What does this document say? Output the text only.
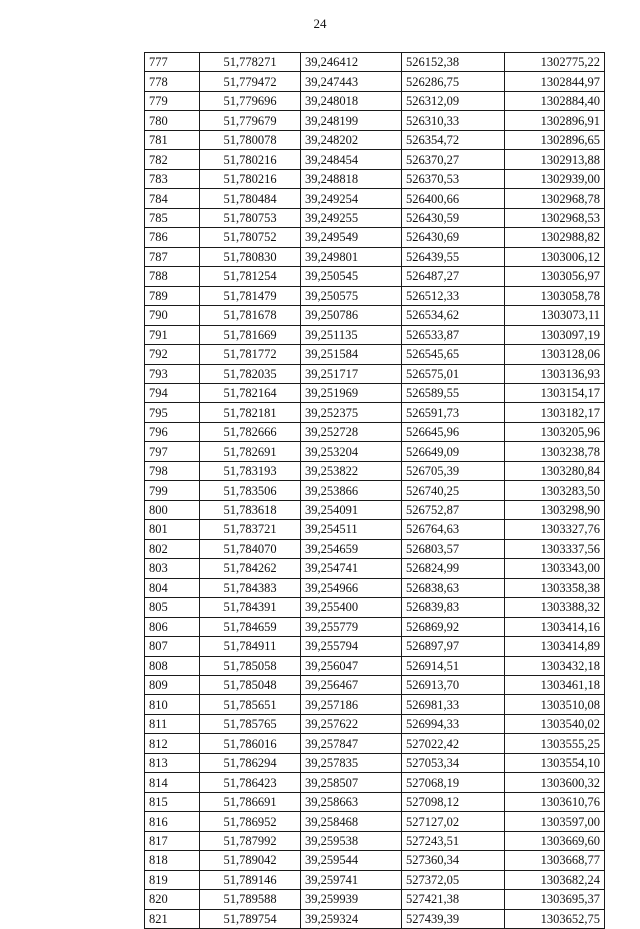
24
777	51,778271	39,246412	526152,38	1302775,22
778	51,779472	39,247443	526286,75	1302844,97
779	51,779696	39,248018	526312,09	1302884,40
780	51,779679	39,248199	526310,33	1302896,91
781	51,780078	39,248202	526354,72	1302896,65
782	51,780216	39,248454	526370,27	1302913,88
783	51,780216	39,248818	526370,53	1302939,00
784	51,780484	39,249254	526400,66	1302968,78
785	51,780753	39,249255	526430,59	1302968,53
786	51,780752	39,249549	526430,69	1302988,82
787	51,780830	39,249801	526439,55	1303006,12
788	51,781254	39,250545	526487,27	1303056,97
789	51,781479	39,250575	526512,33	1303058,78
790	51,781678	39,250786	526534,62	1303073,11
791	51,781669	39,251135	526533,87	1303097,19
792	51,781772	39,251584	526545,65	1303128,06
793	51,782035	39,251717	526575,01	1303136,93
794	51,782164	39,251969	526589,55	1303154,17
795	51,782181	39,252375	526591,73	1303182,17
796	51,782666	39,252728	526645,96	1303205,96
797	51,782691	39,253204	526649,09	1303238,78
798	51,783193	39,253822	526705,39	1303280,84
799	51,783506	39,253866	526740,25	1303283,50
800	51,783618	39,254091	526752,87	1303298,90
801	51,783721	39,254511	526764,63	1303327,76
802	51,784070	39,254659	526803,57	1303337,56
803	51,784262	39,254741	526824,99	1303343,00
804	51,784383	39,254966	526838,63	1303358,38
805	51,784391	39,255400	526839,83	1303388,32
806	51,784659	39,255779	526869,92	1303414,16
807	51,784911	39,255794	526897,97	1303414,89
808	51,785058	39,256047	526914,51	1303432,18
809	51,785048	39,256467	526913,70	1303461,18
810	51,785651	39,257186	526981,33	1303510,08
811	51,785765	39,257622	526994,33	1303540,02
812	51,786016	39,257847	527022,42	1303555,25
813	51,786294	39,257835	527053,34	1303554,10
814	51,786423	39,258507	527068,19	1303600,32
815	51,786691	39,258663	527098,12	1303610,76
816	51,786952	39,258468	527127,02	1303597,00
817	51,787992	39,259538	527243,51	1303669,60
818	51,789042	39,259544	527360,34	1303668,77
819	51,789146	39,259741	527372,05	1303682,24
820	51,789588	39,259939	527421,38	1303695,37
821	51,789754	39,259324	527439,39	1303652,75
